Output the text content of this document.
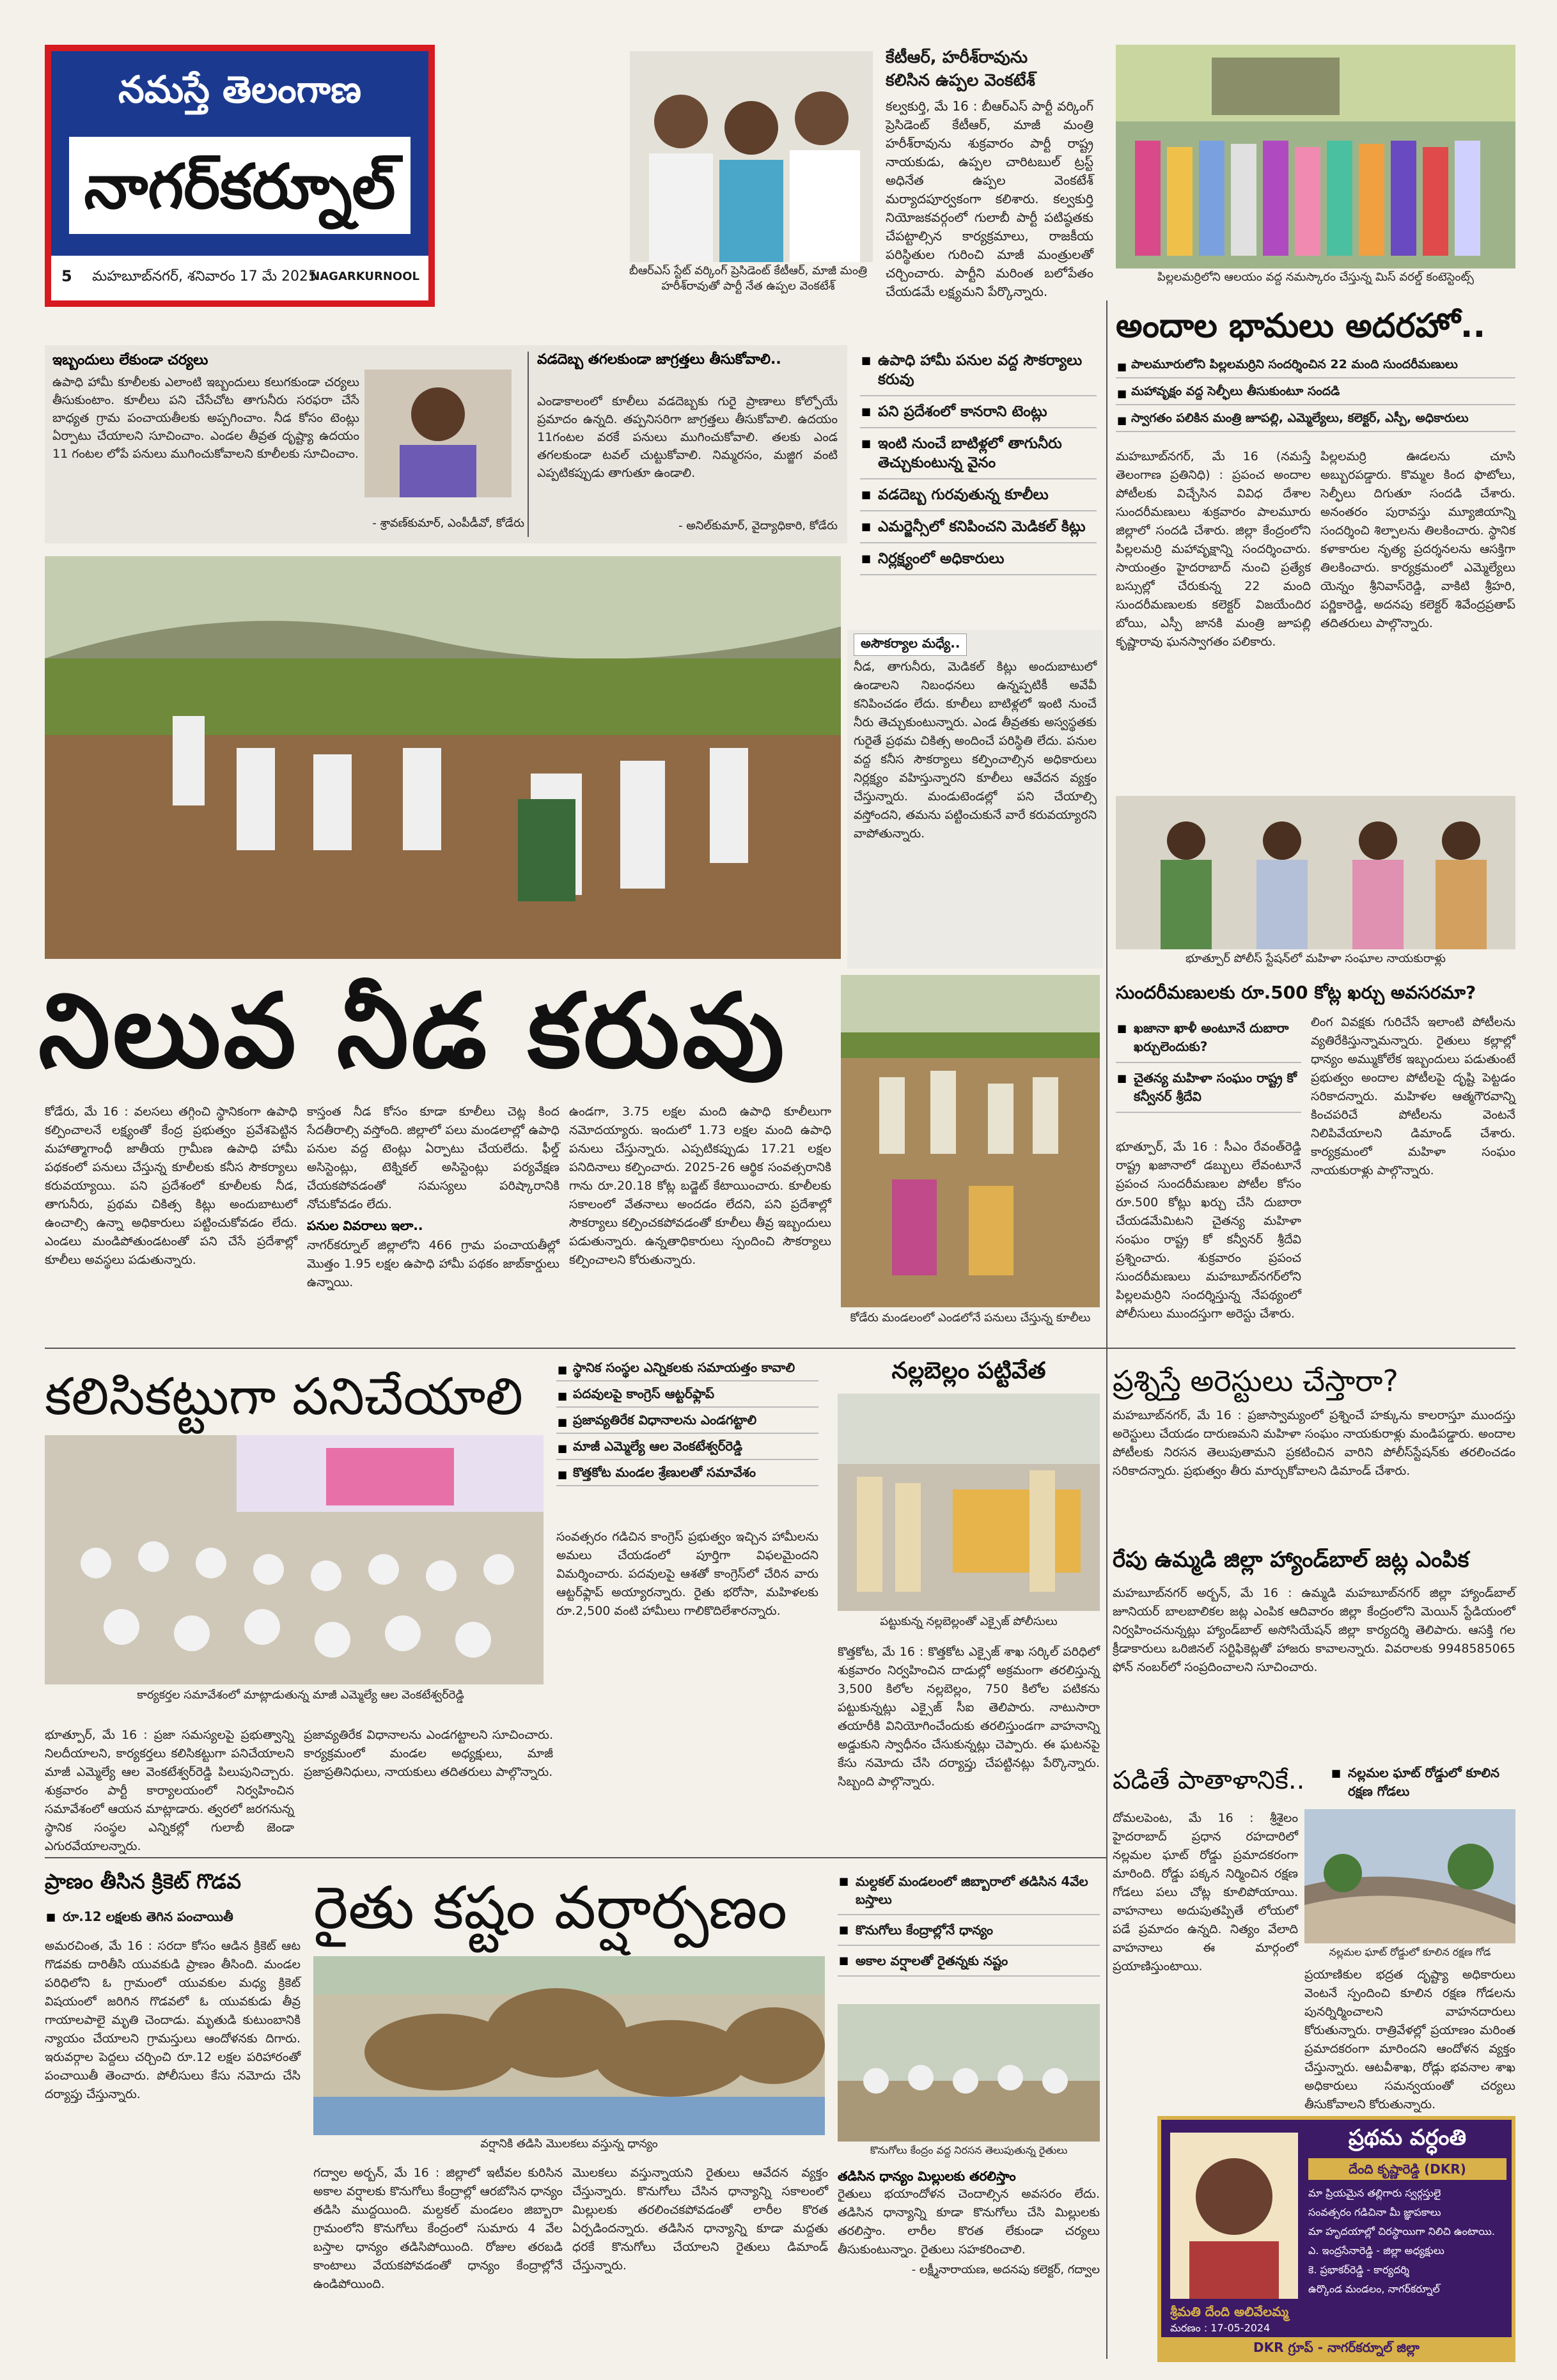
నమస్తే తెలంగాణ
నాగర్‌కర్నూల్
5 మహబూబ్‌నగర్, శనివారం 17 మే 2025
NAGARKURNOOL	బీఆర్‌ఎస్ స్టేట్ వర్కింగ్ ప్రెసిడెంట్ కేటీఆర్, మాజీ మంత్రి హరీశ్‌రావుతో పార్టీ నేత ఉప్పల వెంకటేశ్
కేటీఆర్, హరీశ్‌రావును
కలిసిన ఉప్పల వెంకటేశ్
కల్వకుర్తి, మే 16 : బీఆర్‌ఎస్ పార్టీ వర్కింగ్ ప్రెసిడెంట్ కేటీఆర్, మాజీ మంత్రి హరీశ్‌రావును శుక్రవారం పార్టీ రాష్ట్ర నాయకుడు, ఉప్పల చారిటబుల్ ట్రస్ట్ అధినేత ఉప్పల వెంకటేశ్ మర్యాదపూర్వకంగా కలిశారు. కల్వకుర్తి నియోజకవర్గంలో గులాబీ పార్టీ పటిష్ఠతకు చేపట్టాల్సిన కార్యక్రమాలు, రాజకీయ పరిస్థితుల గురించి మాజీ మంత్రులతో చర్చించారు. పార్టీని మరింత బలోపేతం చేయడమే లక్ష్యమని పేర్కొన్నారు.
పిల్లలమర్రిలోని ఆలయం వద్ద నమస్కారం చేస్తున్న మిస్ వరల్డ్ కంటెస్టెంట్స్
ఇబ్బందులు లేకుండా చర్యలు
ఉపాధి హామీ కూలీలకు ఎలాంటి ఇబ్బందులు కలుగకుండా చర్యలు తీసుకుంటాం. కూలీలు పని చేసేచోట తాగునీరు సరఫరా చేసే బాధ్యత గ్రామ పంచాయతీలకు అప్పగించాం. నీడ కోసం టెంట్లు ఏర్పాటు చేయాలని సూచించాం. ఎండల తీవ్రత దృష్ట్యా ఉదయం 11 గంటల లోపే పనులు ముగించుకోవాలని కూలీలకు సూచించాం.
- శ్రావణ్‌కుమార్, ఎంపీడీవో, కోడేరు
వడదెబ్బ తగలకుండా జాగ్రత్తలు తీసుకోవాలి..
ఎండాకాలంలో కూలీలు వడదెబ్బకు గురై ప్రాణాలు కోల్పోయే ప్రమాదం ఉన్నది. తప్పనిసరిగా జాగ్రత్తలు తీసుకోవాలి. ఉదయం 11గంటల వరకే పనులు ముగించుకోవాలి. తలకు ఎండ తగలకుండా టవల్ చుట్టుకోవాలి. నిమ్మరసం, మజ్జిగ వంటి ఎప్పటికప్పుడు తాగుతూ ఉండాలి.
- అనిల్‌కుమార్, వైద్యాధికారి, కోడేరు
■ ఉపాధి హామీ పనుల వద్ద సౌకర్యాలు కరువు
■ పని ప్రదేశంలో కానరాని టెంట్లు
■ ఇంటి నుంచే బాటిళ్లలో తాగునీరు తెచ్చుకుంటున్న వైనం
■ వడదెబ్బ గురవుతున్న కూలీలు
■ ఎమర్జెన్సీలో కనిపించని మెడికల్ కిట్లు
■ నిర్లక్ష్యంలో అధికారులు
అసౌకర్యాల మధ్యే..
నీడ, తాగునీరు, మెడికల్ కిట్లు అందుబాటులో ఉండాలని నిబంధనలు ఉన్నప్పటికీ అవేవీ కనిపించడం లేదు. కూలీలు బాటిళ్లలో ఇంటి నుంచే నీరు తెచ్చుకుంటున్నారు. ఎండ తీవ్రతకు అస్వస్థతకు గురైతే ప్రథమ చికిత్స అందించే పరిస్థితి లేదు. పనుల వద్ద కనీస సౌకర్యాలు కల్పించాల్సిన అధికారులు నిర్లక్ష్యం వహిస్తున్నారని కూలీలు ఆవేదన వ్యక్తం చేస్తున్నారు. మండుటెండల్లో పని చేయాల్సి వస్తోందని, తమను పట్టించుకునే వారే కరువయ్యారని వాపోతున్నారు.
అందాల భామలు అదరహో..
■ పాలమూరులోని పిల్లలమర్రిని సందర్శించిన 22 మంది సుందరీమణులు
■ మహావృక్షం వద్ద సెల్ఫీలు తీసుకుంటూ సందడి
■ స్వాగతం పలికిన మంత్రి జూపల్లి, ఎమ్మెల్యేలు, కలెక్టర్, ఎస్పీ, అధికారులు
మహబూబ్‌నగర్, మే 16 (నమస్తే తెలంగాణ ప్రతినిధి) : ప్రపంచ అందాల పోటీలకు విచ్చేసిన వివిధ దేశాల సుందరీమణులు శుక్రవారం పాలమూరు జిల్లాలో సందడి చేశారు. జిల్లా కేంద్రంలోని పిల్లలమర్రి మహావృక్షాన్ని సందర్శించారు. సాయంత్రం హైదరాబాద్ నుంచి ప్రత్యేక బస్సుల్లో చేరుకున్న 22 మంది సుందరీమణులకు కలెక్టర్ విజయేందిర బోయి, ఎస్పీ జానకి మంత్రి జూపల్లి కృష్ణారావు ఘనస్వాగతం పలికారు.
పిల్లలమర్రి ఊడలను చూసి అబ్బురపడ్డారు. కొమ్మల కింద ఫొటోలు, సెల్ఫీలు దిగుతూ సందడి చేశారు. అనంతరం పురావస్తు మ్యూజియాన్ని సందర్శించి శిల్పాలను తిలకించారు. స్థానిక కళాకారుల నృత్య ప్రదర్శనలను ఆసక్తిగా తిలకించారు. కార్యక్రమంలో ఎమ్మెల్యేలు యెన్నం శ్రీనివాస్‌రెడ్డి, వాకిటి శ్రీహరి, పర్ణికారెడ్డి, అదనపు కలెక్టర్ శివేంద్రప్రతాప్ తదితరులు పాల్గొన్నారు.
భూత్పూర్ పోలీస్ స్టేషన్‌లో మహిళా సంఘాల నాయకురాళ్లు
నిలువ నీడ కరువు
కోడేరు మండలంలో ఎండలోనే పనులు చేస్తున్న కూలీలు
కోడేరు, మే 16 : వలసలు తగ్గించి స్థానికంగా ఉపాధి కల్పించాలనే లక్ష్యంతో కేంద్ర ప్రభుత్వం ప్రవేశపెట్టిన మహాత్మాగాంధీ జాతీయ గ్రామీణ ఉపాధి హామీ పథకంలో పనులు చేస్తున్న కూలీలకు కనీస సౌకర్యాలు కరువయ్యాయి. పని ప్రదేశంలో కూలీలకు నీడ, తాగునీరు, ప్రథమ చికిత్స కిట్లు అందుబాటులో ఉంచాల్సి ఉన్నా అధికారులు పట్టించుకోవడం లేదు. ఎండలు మండిపోతుండటంతో పని చేసే ప్రదేశాల్లో కూలీలు అవస్థలు పడుతున్నారు.
కాస్తంత నీడ కోసం కూడా కూలీలు చెట్ల కింద సేదతీరాల్సి వస్తోంది. జిల్లాలో పలు మండలాల్లో ఉపాధి పనుల వద్ద టెంట్లు ఏర్పాటు చేయలేదు. ఫీల్డ్ అసిస్టెంట్లు, టెక్నికల్ అసిస్టెంట్లు పర్యవేక్షణ చేయకపోవడంతో సమస్యలు పరిష్కారానికి నోచుకోవడం లేదు.
పనుల వివరాలు ఇలా..
నాగర్‌కర్నూల్ జిల్లాలోని 466 గ్రామ పంచాయతీల్లో మొత్తం 1.95 లక్షల ఉపాధి హామీ పథకం జాబ్‌కార్డులు ఉన్నాయి.
ఉండగా, 3.75 లక్షల మంది ఉపాధి కూలీలుగా నమోదయ్యారు. ఇందులో 1.73 లక్షల మంది ఉపాధి పనులు చేస్తున్నారు. ఎప్పటికప్పుడు 17.21 లక్షల పనిదినాలు కల్పించారు. 2025-26 ఆర్థిక సంవత్సరానికి గాను రూ.20.18 కోట్ల బడ్జెట్ కేటాయించారు. కూలీలకు సకాలంలో వేతనాలు అందడం లేదని, పని ప్రదేశాల్లో సౌకర్యాలు కల్పించకపోవడంతో కూలీలు తీవ్ర ఇబ్బందులు పడుతున్నారు. ఉన్నతాధికారులు స్పందించి సౌకర్యాలు కల్పించాలని కోరుతున్నారు.
సుందరీమణులకు రూ.500 కోట్ల ఖర్చు అవసరమా?
■ ఖజానా ఖాళీ అంటూనే దుబారా ఖర్చులెందుకు?
■ చైతన్య మహిళా సంఘం రాష్ట్ర కో కన్వీనర్ శ్రీదేవి
భూత్పూర్, మే 16 : సీఎం రేవంత్‌రెడ్డి రాష్ట్ర ఖజానాలో డబ్బులు లేవంటూనే ప్రపంచ సుందరీమణుల పోటీల కోసం రూ.500 కోట్లు ఖర్చు చేసి దుబారా చేయడమేమిటని చైతన్య మహిళా సంఘం రాష్ట్ర కో కన్వీనర్ శ్రీదేవి ప్రశ్నించారు. శుక్రవారం ప్రపంచ సుందరీమణులు మహబూబ్‌నగర్‌లోని పిల్లలమర్రిని సందర్శిస్తున్న నేపథ్యంలో పోలీసులు ముందస్తుగా అరెస్టు చేశారు.
లింగ వివక్షకు గురిచేసే ఇలాంటి పోటీలను వ్యతిరేకిస్తున్నామన్నారు. రైతులు కల్లాల్లో ధాన్యం అమ్ముకోలేక ఇబ్బందులు పడుతుంటే ప్రభుత్వం అందాల పోటీలపై దృష్టి పెట్టడం సరికాదన్నారు. మహిళల ఆత్మగౌరవాన్ని కించపరిచే పోటీలను వెంటనే నిలిపివేయాలని డిమాండ్ చేశారు. కార్యక్రమంలో మహిళా సంఘం నాయకురాళ్లు పాల్గొన్నారు.
కలిసికట్టుగా పనిచేయాలి	■ స్థానిక సంస్థల ఎన్నికలకు సమాయత్తం కావాలి
■ పదవులపై కాంగ్రెస్ ఆట్టర్‌ఫ్లాప్
■ ప్రజావ్యతిరేక విధానాలను ఎండగట్టాలి
■ మాజీ ఎమ్మెల్యే ఆల వెంకటేశ్వర్‌రెడ్డి
■ కొత్తకోట మండల శ్రేణులతో సమావేశం
కార్యకర్తల సమావేశంలో మాట్లాడుతున్న మాజీ ఎమ్మెల్యే ఆల వెంకటేశ్వర్‌రెడ్డి
భూత్పూర్, మే 16 : ప్రజా సమస్యలపై ప్రభుత్వాన్ని నిలదీయాలని, కార్యకర్తలు కలిసికట్టుగా పనిచేయాలని మాజీ ఎమ్మెల్యే ఆల వెంకటేశ్వర్‌రెడ్డి పిలుపునిచ్చారు. శుక్రవారం పార్టీ కార్యాలయంలో నిర్వహించిన సమావేశంలో ఆయన మాట్లాడారు. త్వరలో జరగనున్న స్థానిక సంస్థల ఎన్నికల్లో గులాబీ జెండా ఎగురవేయాలన్నారు.
సంవత్సరం గడిచిన కాంగ్రెస్ ప్రభుత్వం ఇచ్చిన హామీలను అమలు చేయడంలో పూర్తిగా విఫలమైందని విమర్శించారు. పదవులపై ఆశతో కాంగ్రెస్‌లో చేరిన వారు ఆట్టర్‌ఫ్లాప్ అయ్యారన్నారు. రైతు భరోసా, మహిళలకు రూ.2,500 వంటి హామీలు గాలికొదిలేశారన్నారు.
ప్రజావ్యతిరేక విధానాలను ఎండగట్టాలని సూచించారు. కార్యక్రమంలో మండల అధ్యక్షులు, మాజీ ప్రజాప్రతినిధులు, నాయకులు తదితరులు పాల్గొన్నారు.
నల్లబెల్లం పట్టివేత
పట్టుకున్న నల్లబెల్లంతో ఎక్సైజ్ పోలీసులు
కొత్తకోట, మే 16 : కొత్తకోట ఎక్సైజ్ శాఖ సర్కిల్ పరిధిలో శుక్రవారం నిర్వహించిన దాడుల్లో అక్రమంగా తరలిస్తున్న 3,500 కిలోల నల్లబెల్లం, 750 కిలోల పటికను పట్టుకున్నట్లు ఎక్సైజ్ సీఐ తెలిపారు. నాటుసారా తయారీకి వినియోగించేందుకు తరలిస్తుండగా వాహనాన్ని అడ్డుకుని స్వాధీనం చేసుకున్నట్లు చెప్పారు. ఈ ఘటనపై కేసు నమోదు చేసి దర్యాప్తు చేపట్టినట్లు పేర్కొన్నారు. సిబ్బంది పాల్గొన్నారు.
ప్రశ్నిస్తే అరెస్టులు చేస్తారా?
మహబూబ్‌నగర్, మే 16 : ప్రజాస్వామ్యంలో ప్రశ్నించే హక్కును కాలరాస్తూ ముందస్తు అరెస్టులు చేయడం దారుణమని మహిళా సంఘం నాయకురాళ్లు మండిపడ్డారు. అందాల పోటీలకు నిరసన తెలుపుతామని ప్రకటించిన వారిని పోలీస్‌స్టేషన్‌కు తరలించడం సరికాదన్నారు. ప్రభుత్వం తీరు మార్చుకోవాలని డిమాండ్ చేశారు.
రేపు ఉమ్మడి జిల్లా హ్యాండ్‌బాల్ జట్ల ఎంపిక
మహబూబ్‌నగర్ అర్బన్, మే 16 : ఉమ్మడి మహబూబ్‌నగర్ జిల్లా హ్యాండ్‌బాల్ జూనియర్ బాలబాలికల జట్ల ఎంపిక ఆదివారం జిల్లా కేంద్రంలోని మెయిన్ స్టేడియంలో నిర్వహించనున్నట్లు హ్యాండ్‌బాల్ అసోసియేషన్ జిల్లా కార్యదర్శి తెలిపారు. ఆసక్తి గల క్రీడాకారులు ఒరిజినల్ సర్టిఫికెట్లతో హాజరు కావాలన్నారు. వివరాలకు 9948585065 ఫోన్ నంబర్‌లో సంప్రదించాలని సూచించారు.
పడితే పాతాళానికే..	■ నల్లమల ఘాట్ రోడ్డులో కూలిన రక్షణ గోడలు
దోమలపెంట, మే 16 : శ్రీశైలం హైదరాబాద్ ప్రధాన రహదారిలో నల్లమల ఘాట్ రోడ్డు ప్రమాదకరంగా మారింది. రోడ్డు పక్కన నిర్మించిన రక్షణ గోడలు పలు చోట్ల కూలిపోయాయి. వాహనాలు అదుపుతప్పితే లోయలో పడే ప్రమాదం ఉన్నది. నిత్యం వేలాది వాహనాలు ఈ మార్గంలో ప్రయాణిస్తుంటాయి.
నల్లమల ఘాట్ రోడ్డులో కూలిన రక్షణ గోడ
ప్రయాణికుల భద్రత దృష్ట్యా అధికారులు వెంటనే స్పందించి కూలిన రక్షణ గోడలను పునర్నిర్మించాలని వాహనదారులు కోరుతున్నారు. రాత్రివేళల్లో ప్రయాణం మరింత ప్రమాదకరంగా మారిందని ఆందోళన వ్యక్తం చేస్తున్నారు. ఆటవీశాఖ, రోడ్లు భవనాల శాఖ అధికారులు సమన్వయంతో చర్యలు తీసుకోవాలని కోరుతున్నారు.
ప్రాణం తీసిన క్రికెట్ గొడవ
■ రూ.12 లక్షలకు తెగిన పంచాయితీ
అమరచింత, మే 16 : సరదా కోసం ఆడిన క్రికెట్ ఆట గొడవకు దారితీసి యువకుడి ప్రాణం తీసింది. మండల పరిధిలోని ఓ గ్రామంలో యువకుల మధ్య క్రికెట్ విషయంలో జరిగిన గొడవలో ఓ యువకుడు తీవ్ర గాయాలపాలై మృతి చెందాడు. మృతుడి కుటుంబానికి న్యాయం చేయాలని గ్రామస్తులు ఆందోళనకు దిగారు. ఇరువర్గాల పెద్దలు చర్చించి రూ.12 లక్షల పరిహారంతో పంచాయితీ తెంచారు. పోలీసులు కేసు నమోదు చేసి దర్యాప్తు చేస్తున్నారు.
రైతు కష్టం వర్షార్పణం	■ మల్దకల్ మండలంలో జిబ్బారాలో తడిసిన 4వేల బస్తాలు
■ కొనుగోలు కేంద్రాల్లోనే ధాన్యం
■ అకాల వర్షాలతో రైతన్నకు నష్టం
వర్షానికి తడిసి మొలకలు వస్తున్న ధాన్యం	కొనుగోలు కేంద్రం వద్ద నిరసన తెలుపుతున్న రైతులు
గద్వాల అర్బన్, మే 16 : జిల్లాలో ఇటీవల కురిసిన అకాల వర్షాలకు కొనుగోలు కేంద్రాల్లో ఆరబోసిన ధాన్యం తడిసి ముద్దయింది. మల్దకల్ మండలం జిబ్బారా గ్రామంలోని కొనుగోలు కేంద్రంలో సుమారు 4 వేల బస్తాల ధాన్యం తడిసిపోయింది. రోజుల తరబడి కాంటాలు వేయకపోవడంతో ధాన్యం కేంద్రాల్లోనే ఉండిపోయింది.
మొలకలు వస్తున్నాయని రైతులు ఆవేదన వ్యక్తం చేస్తున్నారు. కొనుగోలు చేసిన ధాన్యాన్ని సకాలంలో మిల్లులకు తరలించకపోవడంతో లారీల కొరత ఏర్పడిందన్నారు. తడిసిన ధాన్యాన్ని కూడా మద్దతు ధరకే కొనుగోలు చేయాలని రైతులు డిమాండ్ చేస్తున్నారు.
తడిసిన ధాన్యం మిల్లులకు తరలిస్తాం
రైతులు భయాందోళన చెందాల్సిన అవసరం లేదు. తడిసిన ధాన్యాన్ని కూడా కొనుగోలు చేసి మిల్లులకు తరలిస్తాం. లారీల కొరత లేకుండా చర్యలు తీసుకుంటున్నాం. రైతులు సహకరించాలి.
- లక్ష్మీనారాయణ, అదనపు కలెక్టర్, గద్వాల
ప్రథమ వర్ధంతి
దేంది కృష్ణారెడ్డి (DKR)
మా ప్రియమైన తల్లిగారు స్వర్గస్తులై
సంవత్సరం గడిచినా మీ జ్ఞాపకాలు
మా హృదయాల్లో చిరస్థాయిగా నిలిచి ఉంటాయి.
ఎ. ఇంద్రసేనారెడ్డి - జిల్లా అధ్యక్షులు
కె. ప్రభాకర్‌రెడ్డి - కార్యదర్శి
ఉర్కొండ మండలం, నాగర్‌కర్నూల్
శ్రీమతి దేంది అలివేలమ్మ
మరణం : 17-05-2024
DKR గ్రూప్ - నాగర్‌కర్నూల్ జిల్లా
